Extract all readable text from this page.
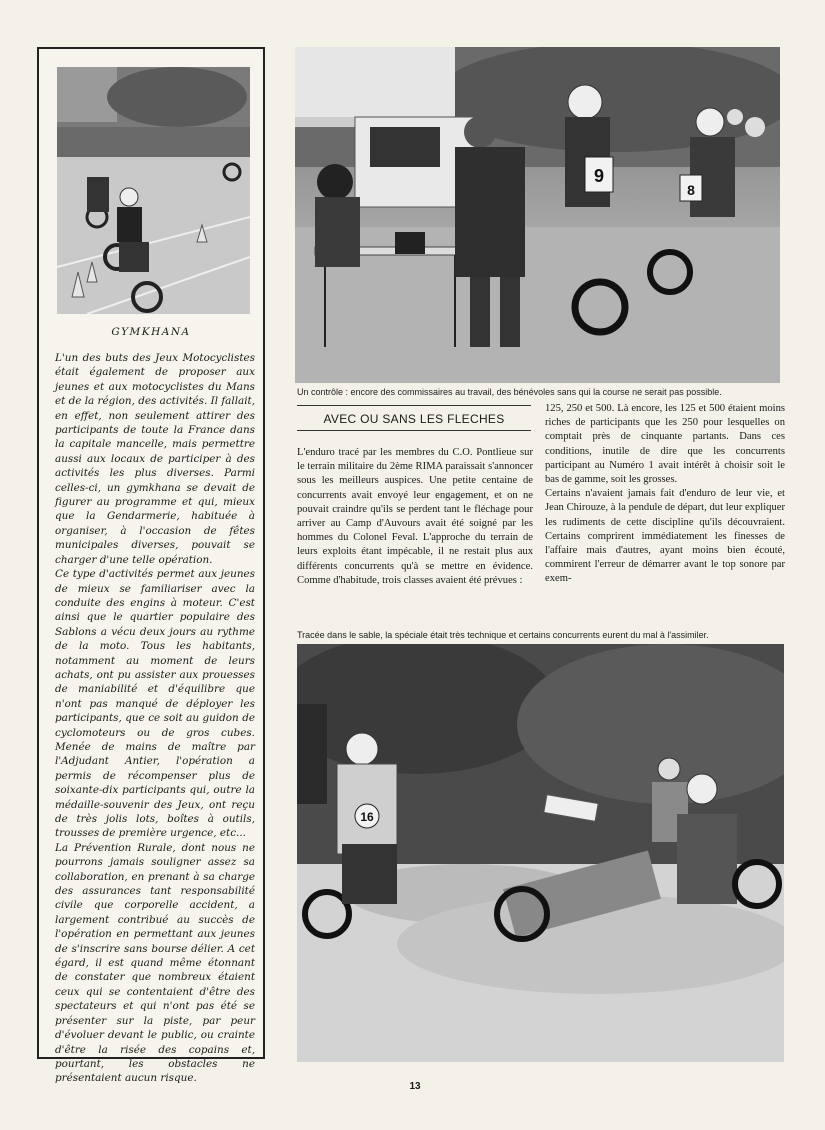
GYMKHANA

L'un des buts des Jeux Motocyclistes était également de proposer aux jeunes et aux motocyclistes du Mans et de la région, des activités. Il fallait, en effet, non seulement attirer des participants de toute la France dans la capitale mancelle, mais permettre aussi aux locaux de participer à des activités les plus diverses. Parmi celles-ci, un gymkhana se devait de figurer au programme et qui, mieux que la Gendarmerie, habituée à organiser, à l'occasion de fêtes municipales diverses, pouvait se charger d'une telle opération.

Ce type d'activités permet aux jeunes de mieux se familiariser avec la conduite des engins à moteur. C'est ainsi que le quartier populaire des Sablons a vécu deux jours au rythme de la moto. Tous les habitants, notamment au moment de leurs achats, ont pu assister aux prouesses de maniabilité et d'équilibre que n'ont pas manqué de déployer les participants, que ce soit au guidon de cyclomoteurs ou de gros cubes. Menée de mains de maître par l'Adjudant Antier, l'opération a permis de récompenser plus de soixante-dix participants qui, outre la médaille-souvenir des Jeux, ont reçu de très jolis lots, boîtes à outils, trousses de première urgence, etc...

La Prévention Rurale, dont nous ne pourrons jamais souligner assez sa collaboration, en prenant à sa charge des assurances tant responsabilité civile que corporelle accident, a largement contribué au succès de l'opération en permettant aux jeunes de s'inscrire sans bourse délier. A cet égard, il est quand même étonnant de constater que nombreux étaient ceux qui se contentaient d'être des spectateurs et qui n'ont pas été se présenter sur la piste, par peur d'évoluer devant le public, ou crainte d'être la risée des copains et, pourtant, les obstacles ne présentaient aucun risque.

9
8
Un contrôle : encore des commissaires au travail, des bénévoles sans qui la course ne serait pas possible.
AVEC OU SANS LES FLECHES

L'enduro tracé par les membres du C.O. Pontlieue sur le terrain militaire du 2ème RIMA paraissait s'annoncer sous les meilleurs auspices. Une petite centaine de concurrents avait envoyé leur engagement, et on ne pouvait craindre qu'ils se perdent tant le fléchage pour arriver au Camp d'Auvours avait été soigné par les hommes du Colonel Feval. L'approche du terrain de leurs exploits étant impécable, il ne restait plus aux différents concurrents qu'à se mettre en évidence. Comme d'habitude, trois classes avaient été prévues :

125, 250 et 500. Là encore, les 125 et 500 étaient moins riches de participants que les 250 pour lesquelles on comptait près de cinquante partants. Dans ces conditions, inutile de dire que les concurrents participant au Numéro 1 avait intérêt à choisir soit le bas de gamme, soit les grosses.

Certains n'avaient jamais fait d'enduro de leur vie, et Jean Chirouze, à la pendule de départ, dut leur expliquer les rudiments de cette discipline qu'ils découvraient. Certains comprirent immédiatement les finesses de l'affaire mais d'autres, ayant moins bien écouté, commirent l'erreur de démarrer avant le top sonore par exem-

Tracée dans le sable, la spéciale était très technique et certains concurrents eurent du mal à l'assimiler.
16
13
